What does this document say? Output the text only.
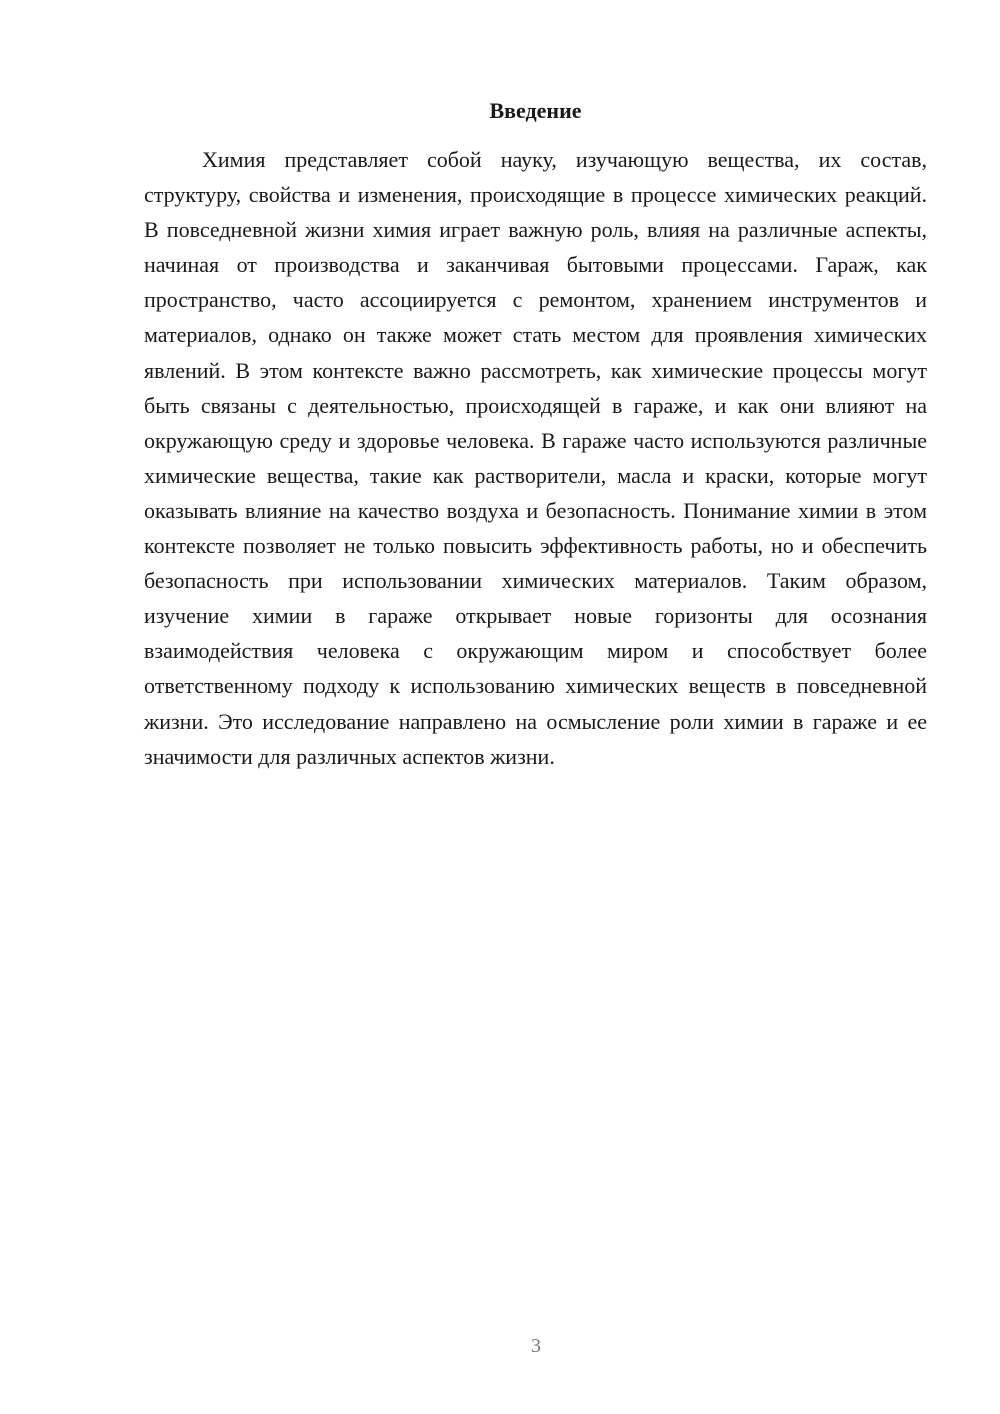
Введение

Химия представляет собой науку, изучающую вещества, их состав, структуру, свойства и изменения, происходящие в процессе химических реакций. В повседневной жизни химия играет важную роль, влияя на различные аспекты, начиная от производства и заканчивая бытовыми процессами. Гараж, как пространство, часто ассоциируется с ремонтом, хранением инструментов и материалов, однако он также может стать местом для проявления химических явлений. В этом контексте важно рассмотреть, как химические процессы могут быть связаны с деятельностью, происходящей в гараже, и как они влияют на окружающую среду и здоровье человека. В гараже часто используются различные химические вещества, такие как растворители, масла и краски, которые могут оказывать влияние на качество воздуха и безопасность. Понимание химии в этом контексте позволяет не только повысить эффективность работы, но и обеспечить безопасность при использовании химических материалов. Таким образом, изучение химии в гараже открывает новые горизонты для осознания взаимодействия человека с окружающим миром и способствует более ответственному подходу к использованию химических веществ в повседневной жизни. Это исследование направлено на осмысление роли химии в гараже и ее значимости для различных аспектов жизни.

3
